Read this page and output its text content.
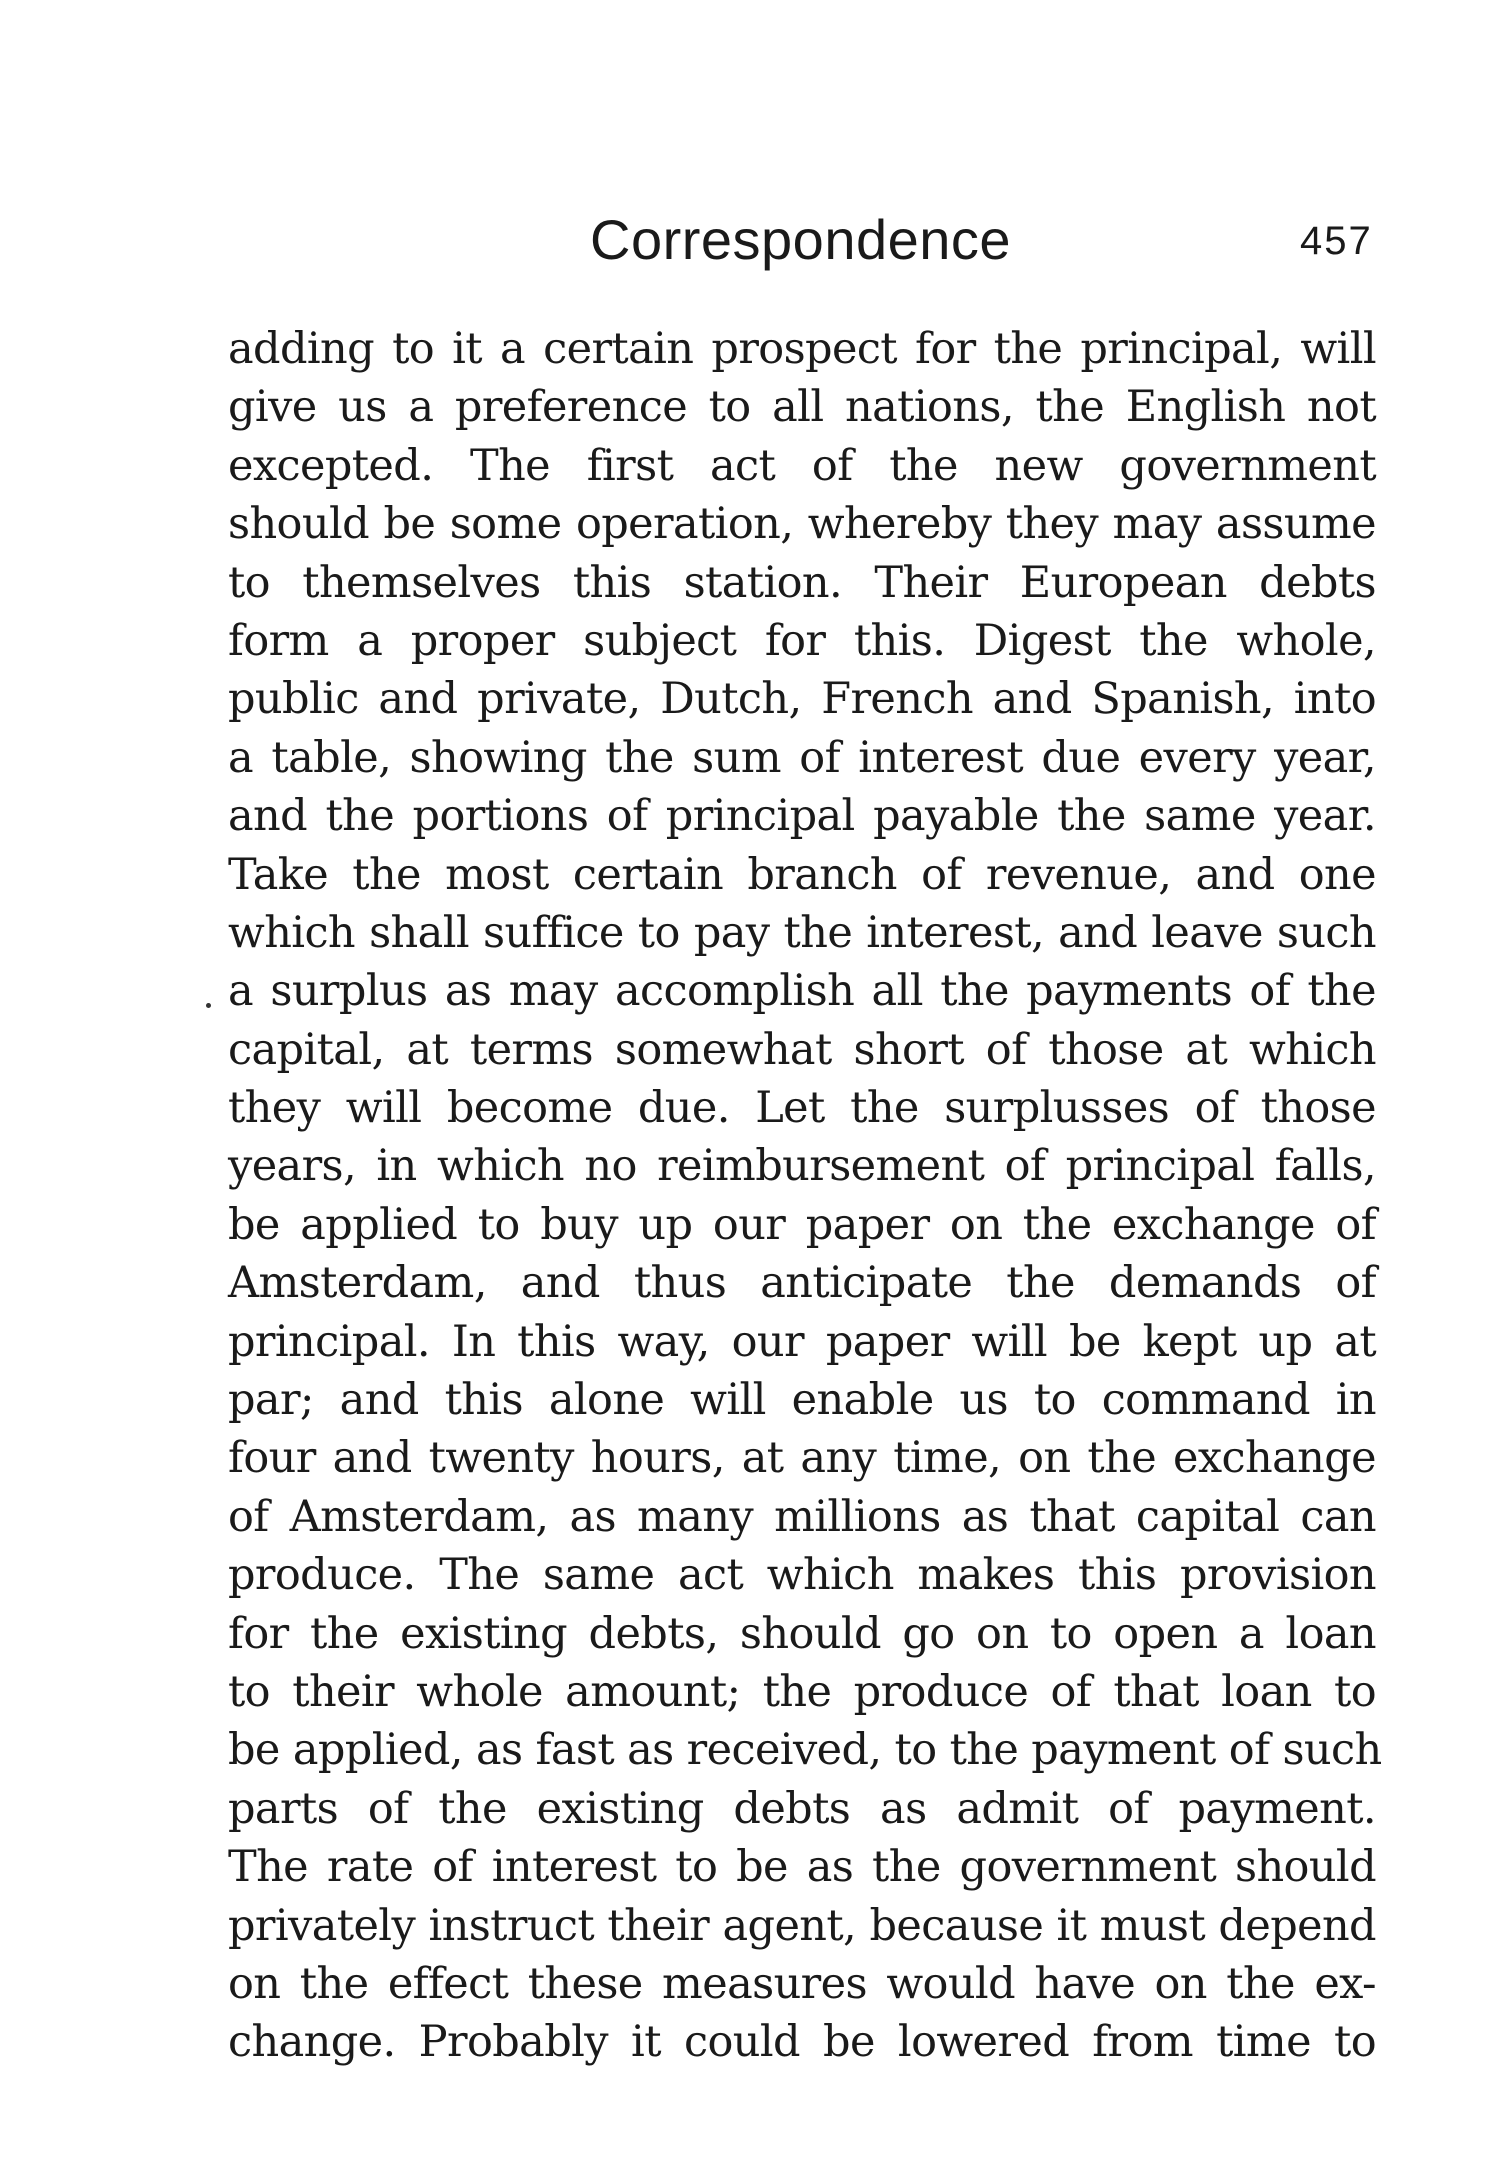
Correspondence	457
adding to it a certain prospect for the principal, will
give us a preference to all nations, the English not
excepted. The first act of the new government
should be some operation, whereby they may assume
to themselves this station. Their European debts
form a proper subject for this. Digest the whole,
public and private, Dutch, French and Spanish, into
a table, showing the sum of interest due every year,
and the portions of principal payable the same year.
Take the most certain branch of revenue, and one
which shall suffice to pay the interest, and leave such
a surplus as may accomplish all the payments of the
capital, at terms somewhat short of those at which
they will become due. Let the surplusses of those
years, in which no reimbursement of principal falls,
be applied to buy up our paper on the exchange of
Amsterdam, and thus anticipate the demands of
principal. In this way, our paper will be kept up at
par; and this alone will enable us to command in
four and twenty hours, at any time, on the exchange
of Amsterdam, as many millions as that capital can
produce. The same act which makes this provision
for the existing debts, should go on to open a loan
to their whole amount; the produce of that loan to
be applied, as fast as received, to the payment of such
parts of the existing debts as admit of payment.
The rate of interest to be as the government should
privately instruct their agent, because it must depend
on the effect these measures would have on the ex-
change. Probably it could be lowered from time to
